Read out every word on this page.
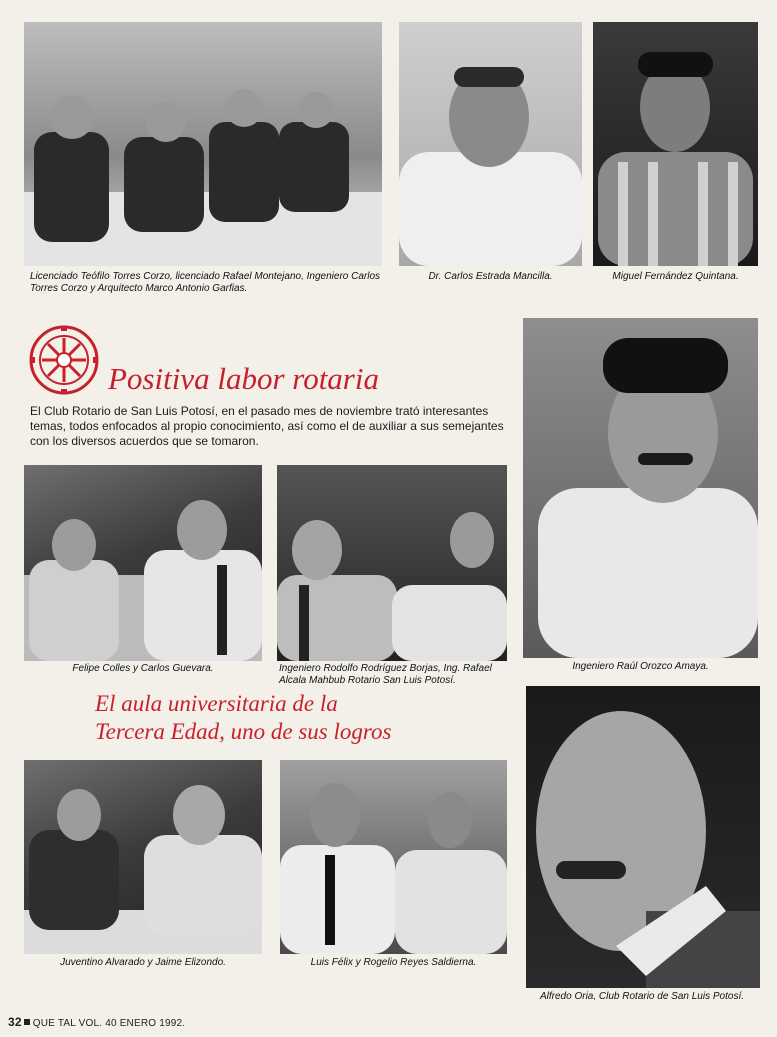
Licenciado Teófilo Torres Corzo, licenciado Rafael Montejano, Ingeniero Carlos Torres Corzo y Arquitecto Marco Antonio Garfias.
Dr. Carlos Estrada Mancilla.	Miguel Fernández Quintana.
Positiva labor rotaria

El Club Rotario de San Luis Potosí, en el pasado mes de noviembre trató interesantes temas, todos enfocados al propio conocimiento, así como el de auxiliar a sus semejantes con los diversos acuerdos que se tomaron.

Ingeniero Raúl Orozco Amaya.
Felipe Colles y Carlos Guevara.	Ingeniero Rodolfo Rodríguez Borjas, Ing. Rafael Alcala Mahbub Rotario San Luis Potosí.
El aula universitaria de la
Tercera Edad, uno de sus logros
Juventino Alvarado y Jaime Elizondo.	Luis Félix y Rogelio Reyes Saldierna.
Alfredo Oria, Club Rotario de San Luis Potosí.
32 QUE TAL VOL. 40 ENERO 1992.
